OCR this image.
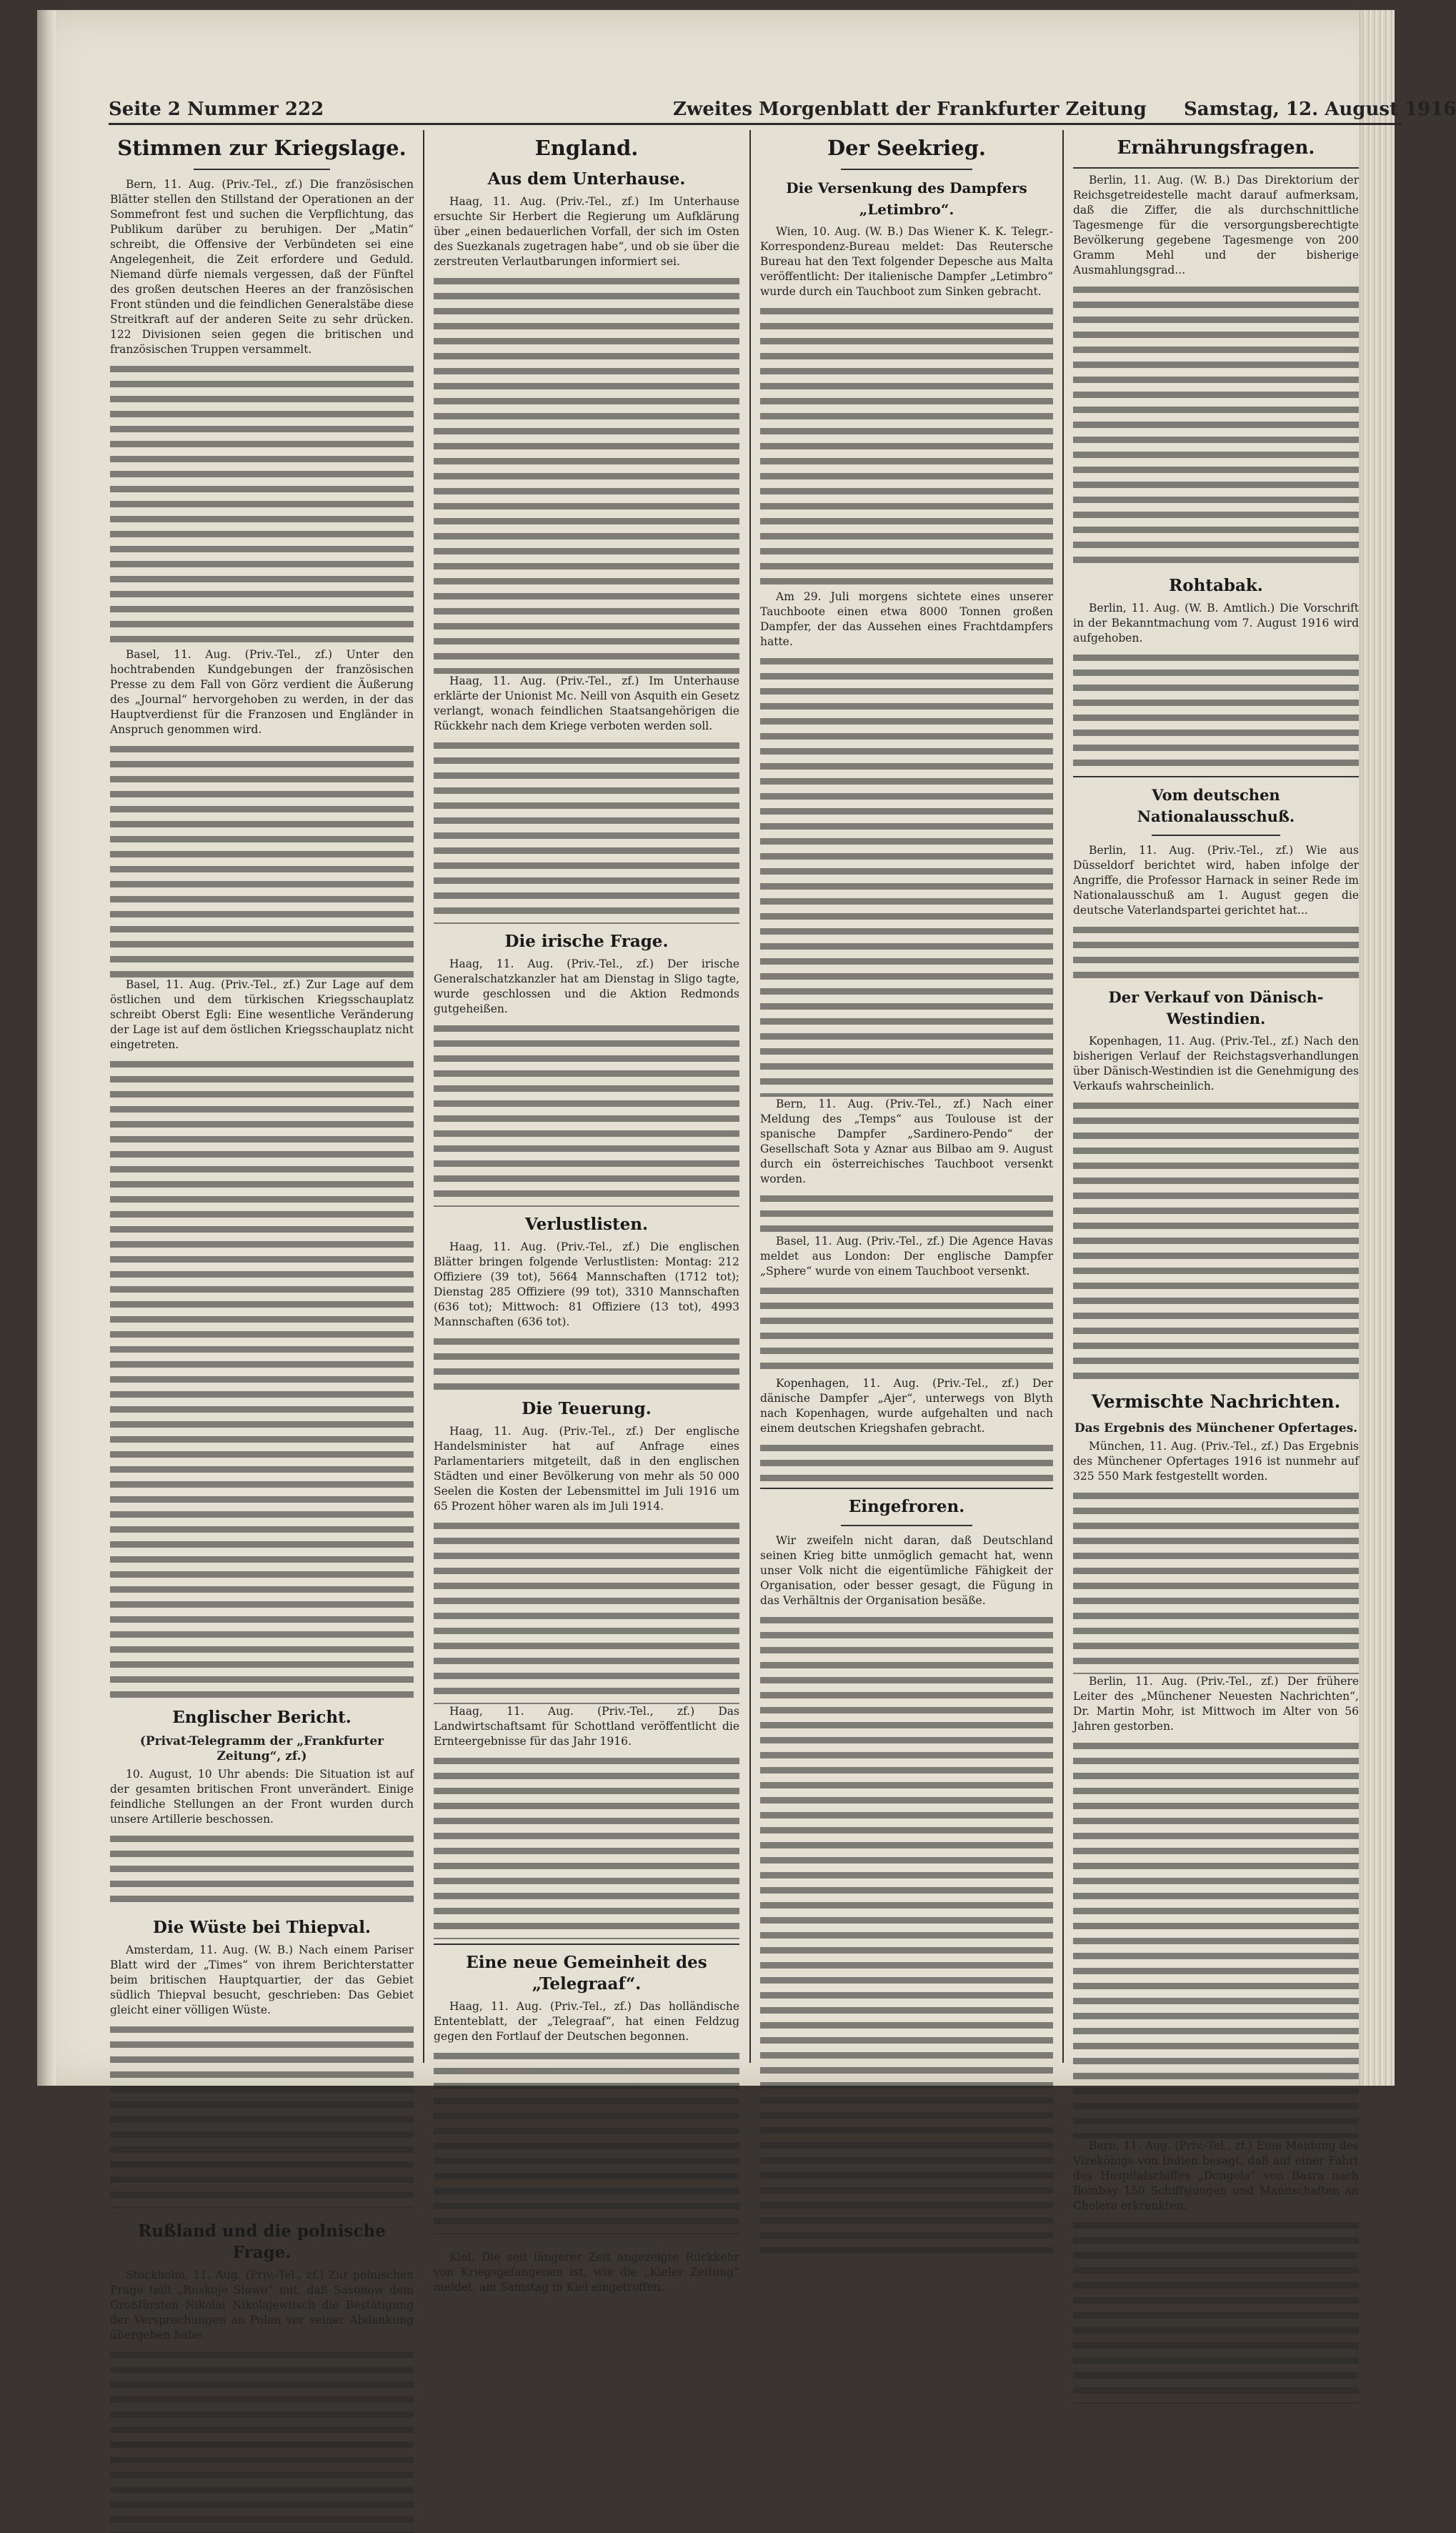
Seite 2 Nummer 222	Zweites Morgenblatt der Frankfurter Zeitung Samstag, 12. August 1916
Stimmen zur Kriegslage.

Bern, 11. Aug. (Priv.-Tel., zf.) Die französischen Blätter stellen den Stillstand der Operationen an der Sommefront fest und suchen die Verpflichtung, das Publikum darüber zu beruhigen. Der „Matin“ schreibt, die Offensive der Verbündeten sei eine Angelegenheit, die Zeit erfordere und Geduld. Niemand dürfe niemals vergessen, daß der Fünftel des großen deutschen Heeres an der französischen Front stünden und die feindlichen Generalstäbe diese Streitkraft auf der anderen Seite zu sehr drücken. 122 Divisionen seien gegen die britischen und französischen Truppen versammelt.

Basel, 11. Aug. (Priv.-Tel., zf.) Unter den hochtrabenden Kundgebungen der französischen Presse zu dem Fall von Görz verdient die Äußerung des „Journal“ hervorgehoben zu werden, in der das Hauptverdienst für die Franzosen und Engländer in Anspruch genommen wird.

Basel, 11. Aug. (Priv.-Tel., zf.) Zur Lage auf dem östlichen und dem türkischen Kriegsschauplatz schreibt Oberst Egli: Eine wesentliche Veränderung der Lage ist auf dem östlichen Kriegsschauplatz nicht eingetreten.

Englischer Bericht.
(Privat-Telegramm der „Frankfurter Zeitung“, zf.)

10. August, 10 Uhr abends: Die Situation ist auf der gesamten britischen Front unverändert. Einige feindliche Stellungen an der Front wurden durch unsere Artillerie beschossen.

Die Wüste bei Thiepval.

Amsterdam, 11. Aug. (W. B.) Nach einem Pariser Blatt wird der „Times“ von ihrem Berichterstatter beim britischen Hauptquartier, der das Gebiet südlich Thiepval besucht, geschrieben: Das Gebiet gleicht einer völligen Wüste.

Rußland und die polnische Frage.

Stockholm, 11. Aug. (Priv.-Tel., zf.) Zur polnischen Frage teilt „Ruskoje Slowo“ mit, daß Sasonow dem Großfürsten Nikolai Nikolajewitsch die Bestätigung der Versprechungen an Polen vor seiner Abdankung übergeben habe.

England.
Aus dem Unterhause.

Haag, 11. Aug. (Priv.-Tel., zf.) Im Unterhause ersuchte Sir Herbert die Regierung um Aufklärung über „einen bedauerlichen Vorfall, der sich im Osten des Suezkanals zugetragen habe“, und ob sie über die zerstreuten Verlautbarungen informiert sei.

Haag, 11. Aug. (Priv.-Tel., zf.) Im Unterhause erklärte der Unionist Mc. Neill von Asquith ein Gesetz verlangt, wonach feindlichen Staatsangehörigen die Rückkehr nach dem Kriege verboten werden soll.

Die irische Frage.

Haag, 11. Aug. (Priv.-Tel., zf.) Der irische Generalschatzkanzler hat am Dienstag in Sligo tagte, wurde geschlossen und die Aktion Redmonds gutgeheißen.

Verlustlisten.

Haag, 11. Aug. (Priv.-Tel., zf.) Die englischen Blätter bringen folgende Verlustlisten: Montag: 212 Offiziere (39 tot), 5664 Mannschaften (1712 tot); Dienstag 285 Offiziere (99 tot), 3310 Mannschaften (636 tot); Mittwoch: 81 Offiziere (13 tot), 4993 Mannschaften (636 tot).

Die Teuerung.

Haag, 11. Aug. (Priv.-Tel., zf.) Der englische Handelsminister hat auf Anfrage eines Parlamentariers mitgeteilt, daß in den englischen Städten und einer Bevölkerung von mehr als 50 000 Seelen die Kosten der Lebensmittel im Juli 1916 um 65 Prozent höher waren als im Juli 1914.

Haag, 11. Aug. (Priv.-Tel., zf.) Das Landwirtschaftsamt für Schottland veröffentlicht die Ernteergebnisse für das Jahr 1916.

Eine neue Gemeinheit des „Telegraaf“.

Haag, 11. Aug. (Priv.-Tel., zf.) Das holländische Ententeblatt, der „Telegraaf“, hat einen Feldzug gegen den Fortlauf der Deutschen begonnen.

Kiel. Die seit längerer Zeit angezeigte Rückkehr von Kriegsgefangenen ist, wie die „Kieler Zeitung“ meldet, am Samstag in Kiel eingetroffen.

Der Seekrieg.
Die Versenkung des Dampfers „Letimbro“.

Wien, 10. Aug. (W. B.) Das Wiener K. K. Telegr.-Korrespondenz-Bureau meldet: Das Reutersche Bureau hat den Text folgender Depesche aus Malta veröffentlicht: Der italienische Dampfer „Letimbro“ wurde durch ein Tauchboot zum Sinken gebracht.

Am 29. Juli morgens sichtete eines unserer Tauchboote einen etwa 8000 Tonnen großen Dampfer, der das Aussehen eines Frachtdampfers hatte.

Bern, 11. Aug. (Priv.-Tel., zf.) Nach einer Meldung des „Temps“ aus Toulouse ist der spanische Dampfer „Sardinero-Pendo“ der Gesellschaft Sota y Aznar aus Bilbao am 9. August durch ein österreichisches Tauchboot versenkt worden.

Basel, 11. Aug. (Priv.-Tel., zf.) Die Agence Havas meldet aus London: Der englische Dampfer „Sphere“ wurde von einem Tauchboot versenkt.

Kopenhagen, 11. Aug. (Priv.-Tel., zf.) Der dänische Dampfer „Ajer“, unterwegs von Blyth nach Kopenhagen, wurde aufgehalten und nach einem deutschen Kriegshafen gebracht.

Eingefroren.

Wir zweifeln nicht daran, daß Deutschland seinen Krieg bitte unmöglich gemacht hat, wenn unser Volk nicht die eigentümliche Fähigkeit der Organisation, oder besser gesagt, die Fügung in das Verhältnis der Organisation besäße.

Ernährungsfragen.

Berlin, 11. Aug. (W. B.) Das Direktorium der Reichsgetreidestelle macht darauf aufmerksam, daß die Ziffer, die als durchschnittliche Tagesmenge für die versorgungsberechtigte Bevölkerung gegebene Tagesmenge von 200 Gramm Mehl und der bisherige Ausmahlungsgrad...

Rohtabak.

Berlin, 11. Aug. (W. B. Amtlich.) Die Vorschrift in der Bekanntmachung vom 7. August 1916 wird aufgehoben.

Vom deutschen Nationalausschuß.

Berlin, 11. Aug. (Priv.-Tel., zf.) Wie aus Düsseldorf berichtet wird, haben infolge der Angriffe, die Professor Harnack in seiner Rede im Nationalausschuß am 1. August gegen die deutsche Vaterlandspartei gerichtet hat...

Der Verkauf von Dänisch-Westindien.

Kopenhagen, 11. Aug. (Priv.-Tel., zf.) Nach den bisherigen Verlauf der Reichstagsverhandlungen über Dänisch-Westindien ist die Genehmigung des Verkaufs wahrscheinlich.

Vermischte Nachrichten.
Das Ergebnis des Münchener Opfertages.

München, 11. Aug. (Priv.-Tel., zf.) Das Ergebnis des Münchener Opfertages 1916 ist nunmehr auf 325 550 Mark festgestellt worden.

Berlin, 11. Aug. (Priv.-Tel., zf.) Der frühere Leiter des „Münchener Neuesten Nachrichten“, Dr. Martin Mohr, ist Mittwoch im Alter von 56 Jahren gestorben.

Bern, 11. Aug. (Priv.-Tel., zf.) Eine Meldung des Vizekönigs von Indien besagt, daß auf einer Fahrt des Hospitalschiffes „Dongola“ von Basra nach Bombay 150 Schiffsjungen und Mannschaften an Cholera erkrankten.
